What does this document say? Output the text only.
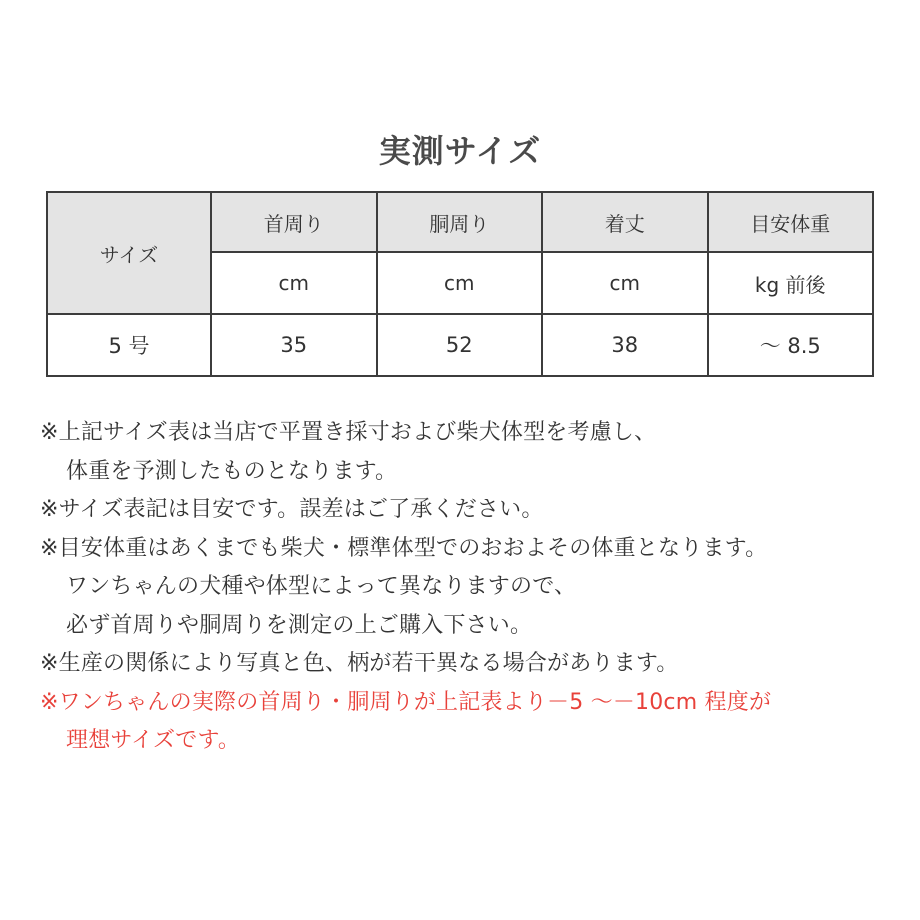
実測サイズ
サイズ	首周り	胴周り	着丈	目安体重
	cm	cm	cm	kg 前後
5 号	35	52	38	～ 8.5
※上記サイズ表は当店で平置き採寸および柴犬体型を考慮し、
体重を予測したものとなります。
※サイズ表記は目安です。誤差はご了承ください。
※目安体重はあくまでも柴犬・標準体型でのおおよその体重となります。
ワンちゃんの犬種や体型によって異なりますので、
必ず首周りや胴周りを測定の上ご購入下さい。
※生産の関係により写真と色、柄が若干異なる場合があります。
※ワンちゃんの実際の首周り・胴周りが上記表より－5 ～－10cm 程度が
理想サイズです。
